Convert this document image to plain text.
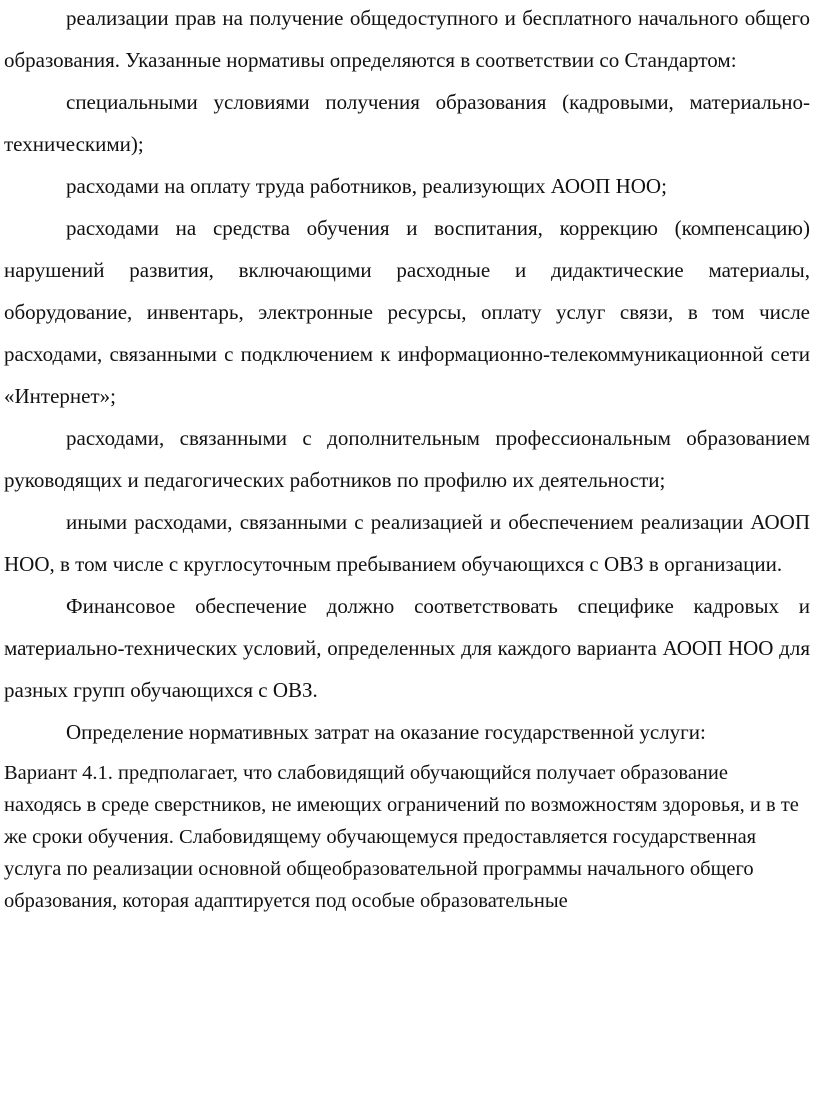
реализации прав на получение общедоступного и бесплатного начального общего образования. Указанные нормативы определяются в соответствии со Стандартом:

специальными условиями получения образования (кадровыми, материально-техническими);

расходами на оплату труда работников, реализующих АООП НОО;

расходами на средства обучения и воспитания, коррекцию (компенсацию) нарушений развития, включающими расходные и дидактические материалы, оборудование, инвентарь, электронные ресурсы, оплату услуг связи, в том числе расходами, связанными с подключением к информационно-телекоммуникационной сети «Интернет»;

расходами, связанными с дополнительным профессиональным образованием руководящих и педагогических работников по профилю их деятельности;

иными расходами, связанными с реализацией и обеспечением реализации АООП НОО, в том числе с круглосуточным пребыванием обучающихся с ОВЗ в организации.

Финансовое обеспечение должно соответствовать специфике кадровых и материально-технических условий, определенных для каждого варианта АООП НОО для разных групп обучающихся с ОВЗ.

Определение нормативных затрат на оказание государственной услуги:

Вариант 4.1. предполагает, что слабовидящий обучающийся получает образование находясь в среде сверстников, не имеющих ограничений по возможностям здоровья, и в те же сроки обучения. Слабовидящему обучающемуся предоставляется государственная услуга по реализации основной общеобразовательной программы начального общего образования, которая адаптируется под особые образовательные
